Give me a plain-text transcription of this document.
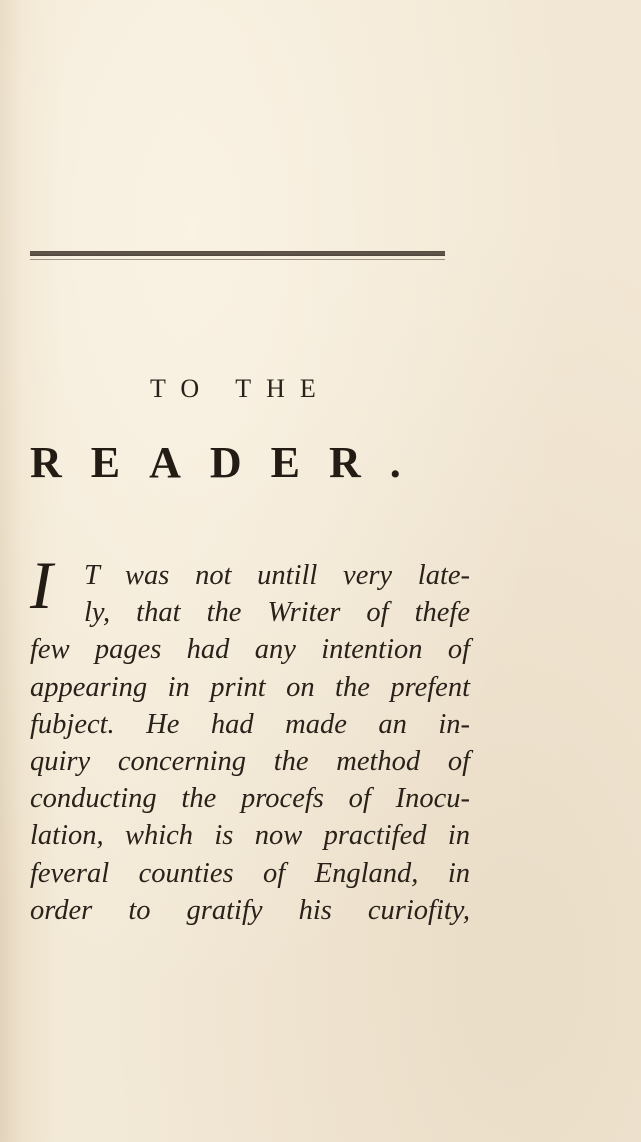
TO THE
READER.
I	T was not untill very late-
ly, that the Writer of thefe
few pages had any intention of
appearing in print on the prefent
fubject. He had made an in-
quiry concerning the method of
conducting the procefs of Inocu-
lation, which is now practifed in
feveral counties of England, in
order to gratify his curiofity,
